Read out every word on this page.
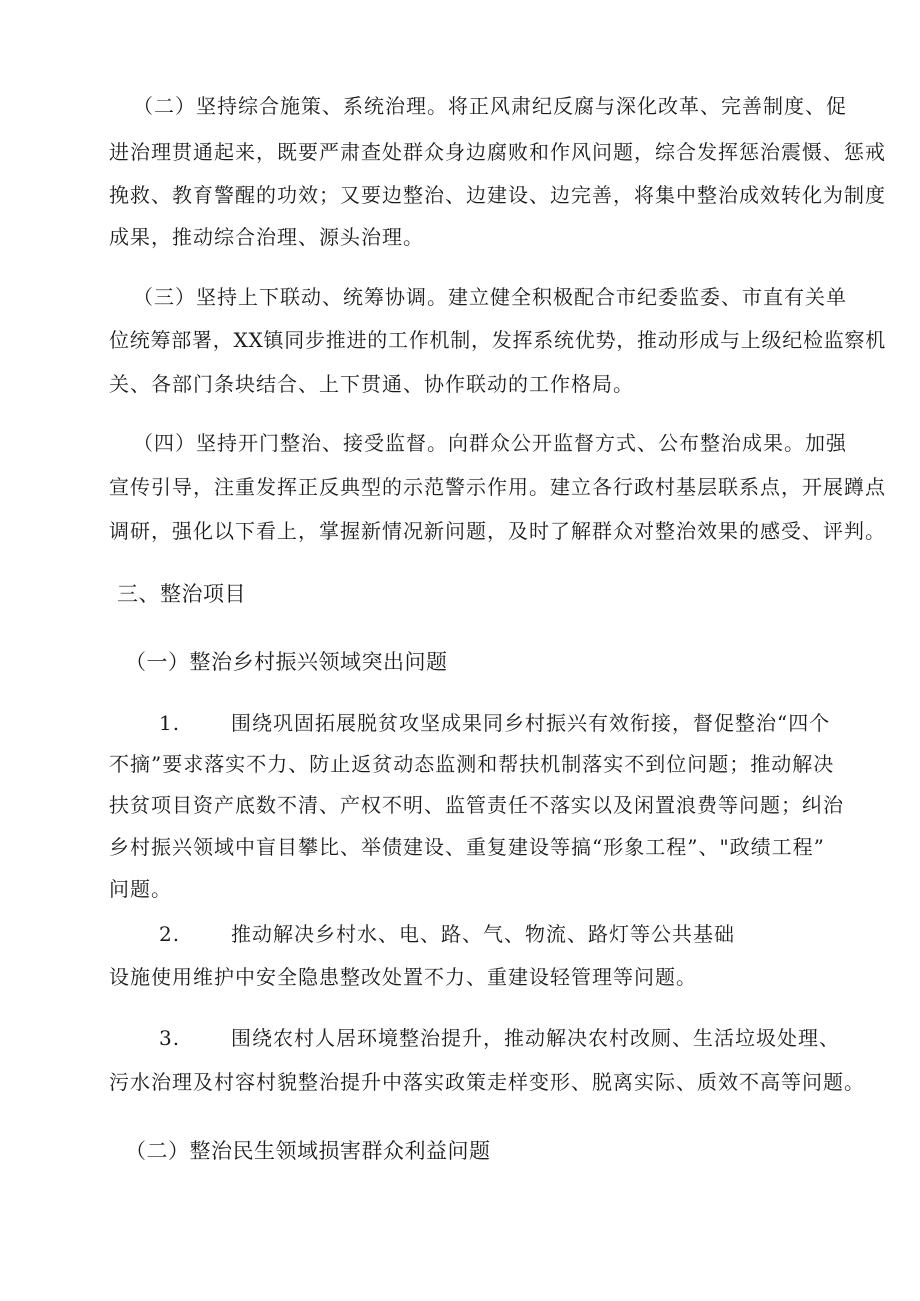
（二）坚持综合施策、系统治理。将正风肃纪反腐与深化改革、完善制度、促
进治理贯通起来，既要严肃查处群众身边腐败和作风问题，综合发挥惩治震慑、惩戒
挽救、教育警醒的功效；又要边整治、边建设、边完善，将集中整治成效转化为制度
成果，推动综合治理、源头治理。
（三）坚持上下联动、统筹协调。建立健全积极配合市纪委监委、市直有关单
位统筹部署，XX镇同步推进的工作机制，发挥系统优势，推动形成与上级纪检监察机
关、各部门条块结合、上下贯通、协作联动的工作格局。
（四）坚持开门整治、接受监督。向群众公开监督方式、公布整治成果。加强
宣传引导，注重发挥正反典型的示范警示作用。建立各行政村基层联系点，开展蹲点
调研，强化以下看上，掌握新情况新问题，及时了解群众对整治效果的感受、评判。
三、整治项目
（一）整治乡村振兴领域突出问题
1.	围绕巩固拓展脱贫攻坚成果同乡村振兴有效衔接，督促整治“四个
不摘”要求落实不力、防止返贫动态监测和帮扶机制落实不到位问题；推动解决
扶贫项目资产底数不清、产权不明、监管责任不落实以及闲置浪费等问题；纠治
乡村振兴领域中盲目攀比、举债建设、重复建设等搞“形象工程”、"政绩工程”
问题。
2.	推动解决乡村水、电、路、气、物流、路灯等公共基础
设施使用维护中安全隐患整改处置不力、重建设轻管理等问题。
3.	围绕农村人居环境整治提升，推动解决农村改厕、生活垃圾处理、
污水治理及村容村貌整治提升中落实政策走样变形、脱离实际、质效不高等问题。
（二）整治民生领域损害群众利益问题
